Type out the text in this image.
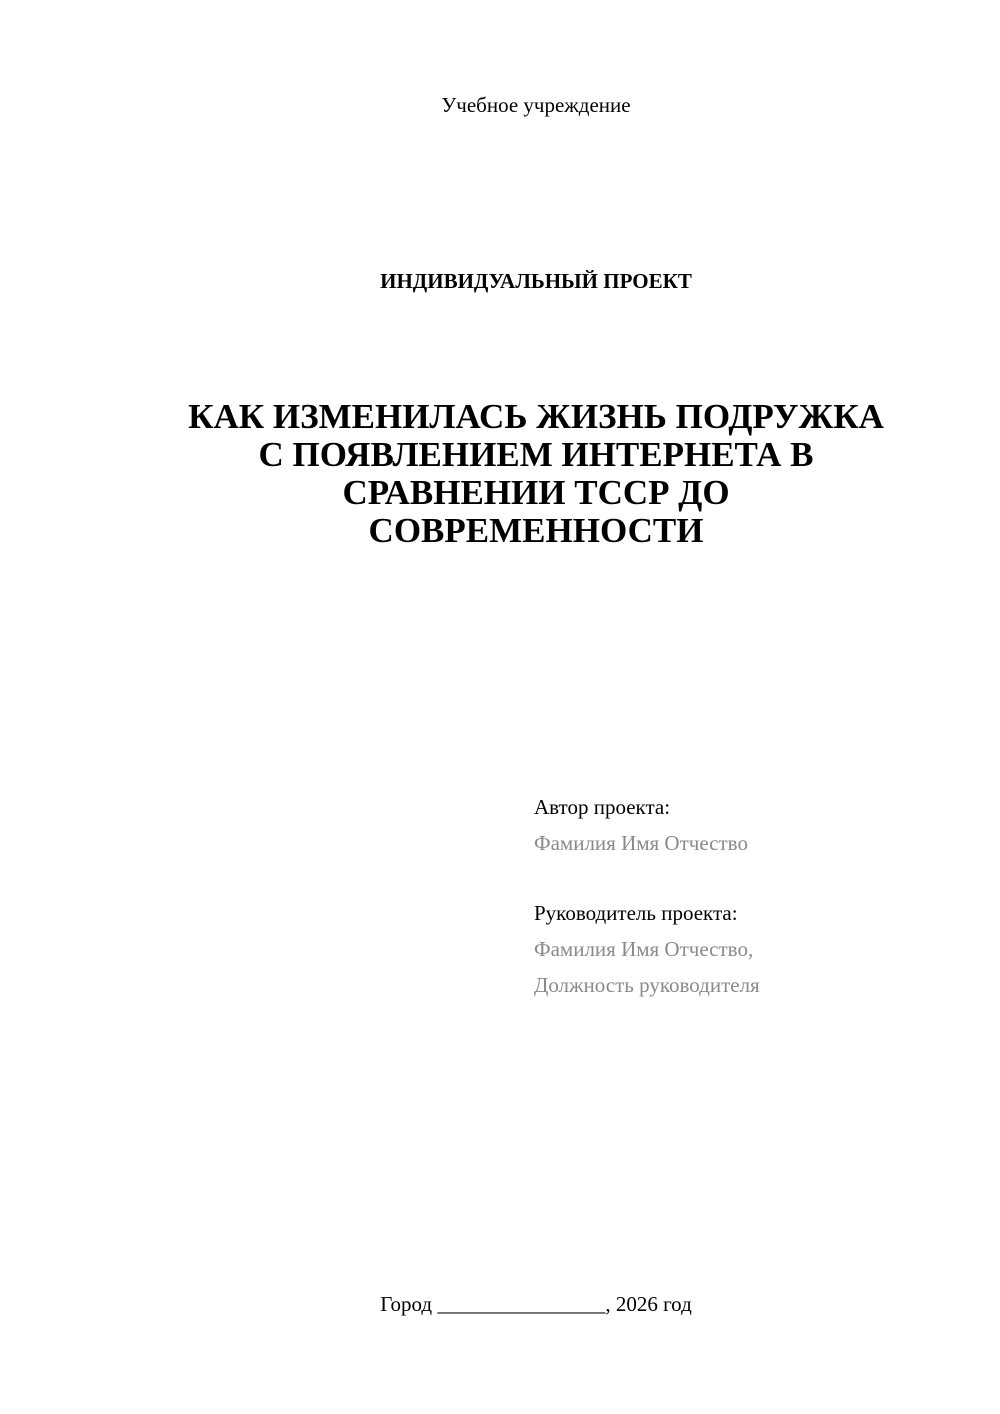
Учебное учреждение
ИНДИВИДУАЛЬНЫЙ ПРОЕКТ
КАК ИЗМЕНИЛАСЬ ЖИЗНЬ ПОДРУЖКА
С ПОЯВЛЕНИЕМ ИНТЕРНЕТА В
СРАВНЕНИИ ТССР ДО
СОВРЕМЕННОСТИ
Автор проекта:
Фамилия Имя Отчество
Руководитель проекта:
Фамилия Имя Отчество,
Должность руководителя
Город ________________, 2026 год
